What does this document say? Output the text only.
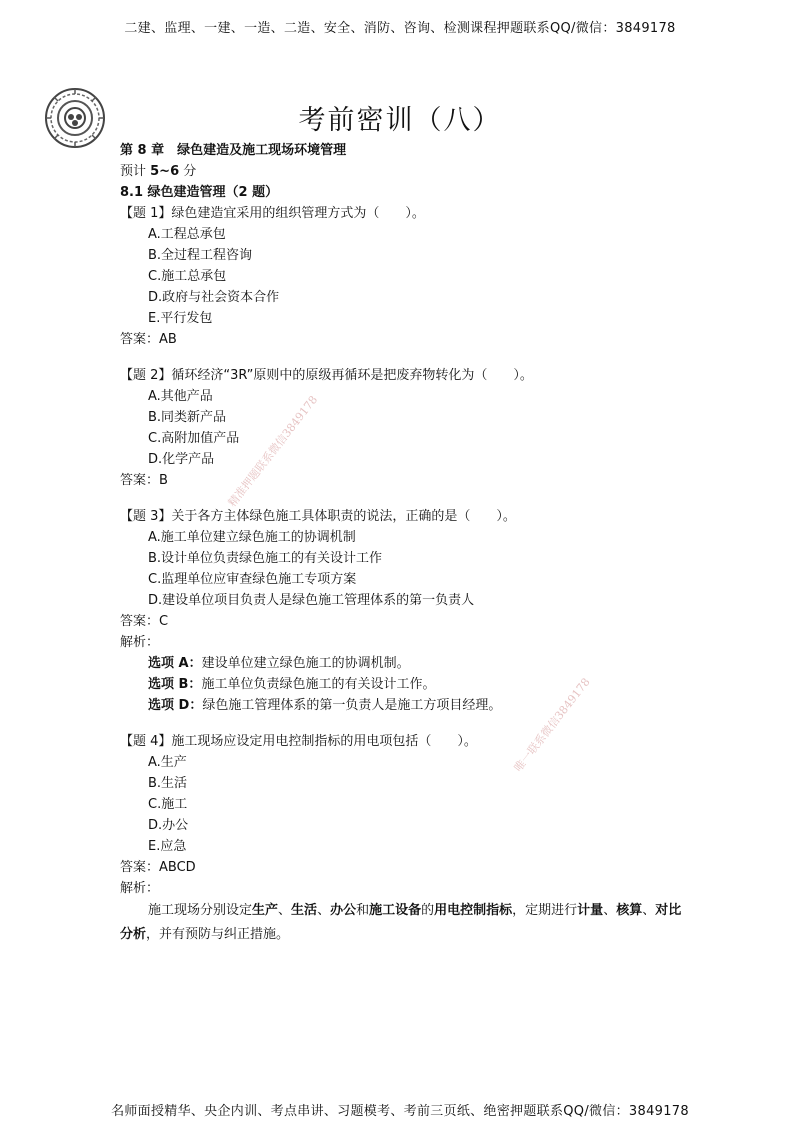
二建、监理、一建、一造、二造、安全、消防、咨询、检测课程押题联系QQ/微信：3849178
考前密训（八）
第 8 章　绿色建造及施工现场环境管理
预计 5~6 分
8.1 绿色建造管理（2 题）
【题 1】绿色建造宜采用的组织管理方式为（　　）。
A.工程总承包
B.全过程工程咨询
C.施工总承包
D.政府与社会资本合作
E.平行发包
答案：AB
【题 2】循环经济“3R”原则中的原级再循环是把废弃物转化为（　　）。
A.其他产品
B.同类新产品
C.高附加值产品
D.化学产品
答案：B
【题 3】关于各方主体绿色施工具体职责的说法，正确的是（　　）。
A.施工单位建立绿色施工的协调机制
B.设计单位负责绿色施工的有关设计工作
C.监理单位应审查绿色施工专项方案
D.建设单位项目负责人是绿色施工管理体系的第一负责人
答案：C
解析：
选项 A：建设单位建立绿色施工的协调机制。
选项 B：施工单位负责绿色施工的有关设计工作。
选项 D：绿色施工管理体系的第一负责人是施工方项目经理。
【题 4】施工现场应设定用电控制指标的用电项包括（　　）。
A.生产
B.生活
C.施工
D.办公
E.应急
答案：ABCD
解析：
施工现场分别设定生产、生活、办公和施工设备的用电控制指标，定期进行计量、核算、对比分析，并有预防与纠正措施。
精准押题联系微信3849178
唯一联系微信3849178
名师面授精华、央企内训、考点串讲、习题模考、考前三页纸、绝密押题联系QQ/微信：3849178
